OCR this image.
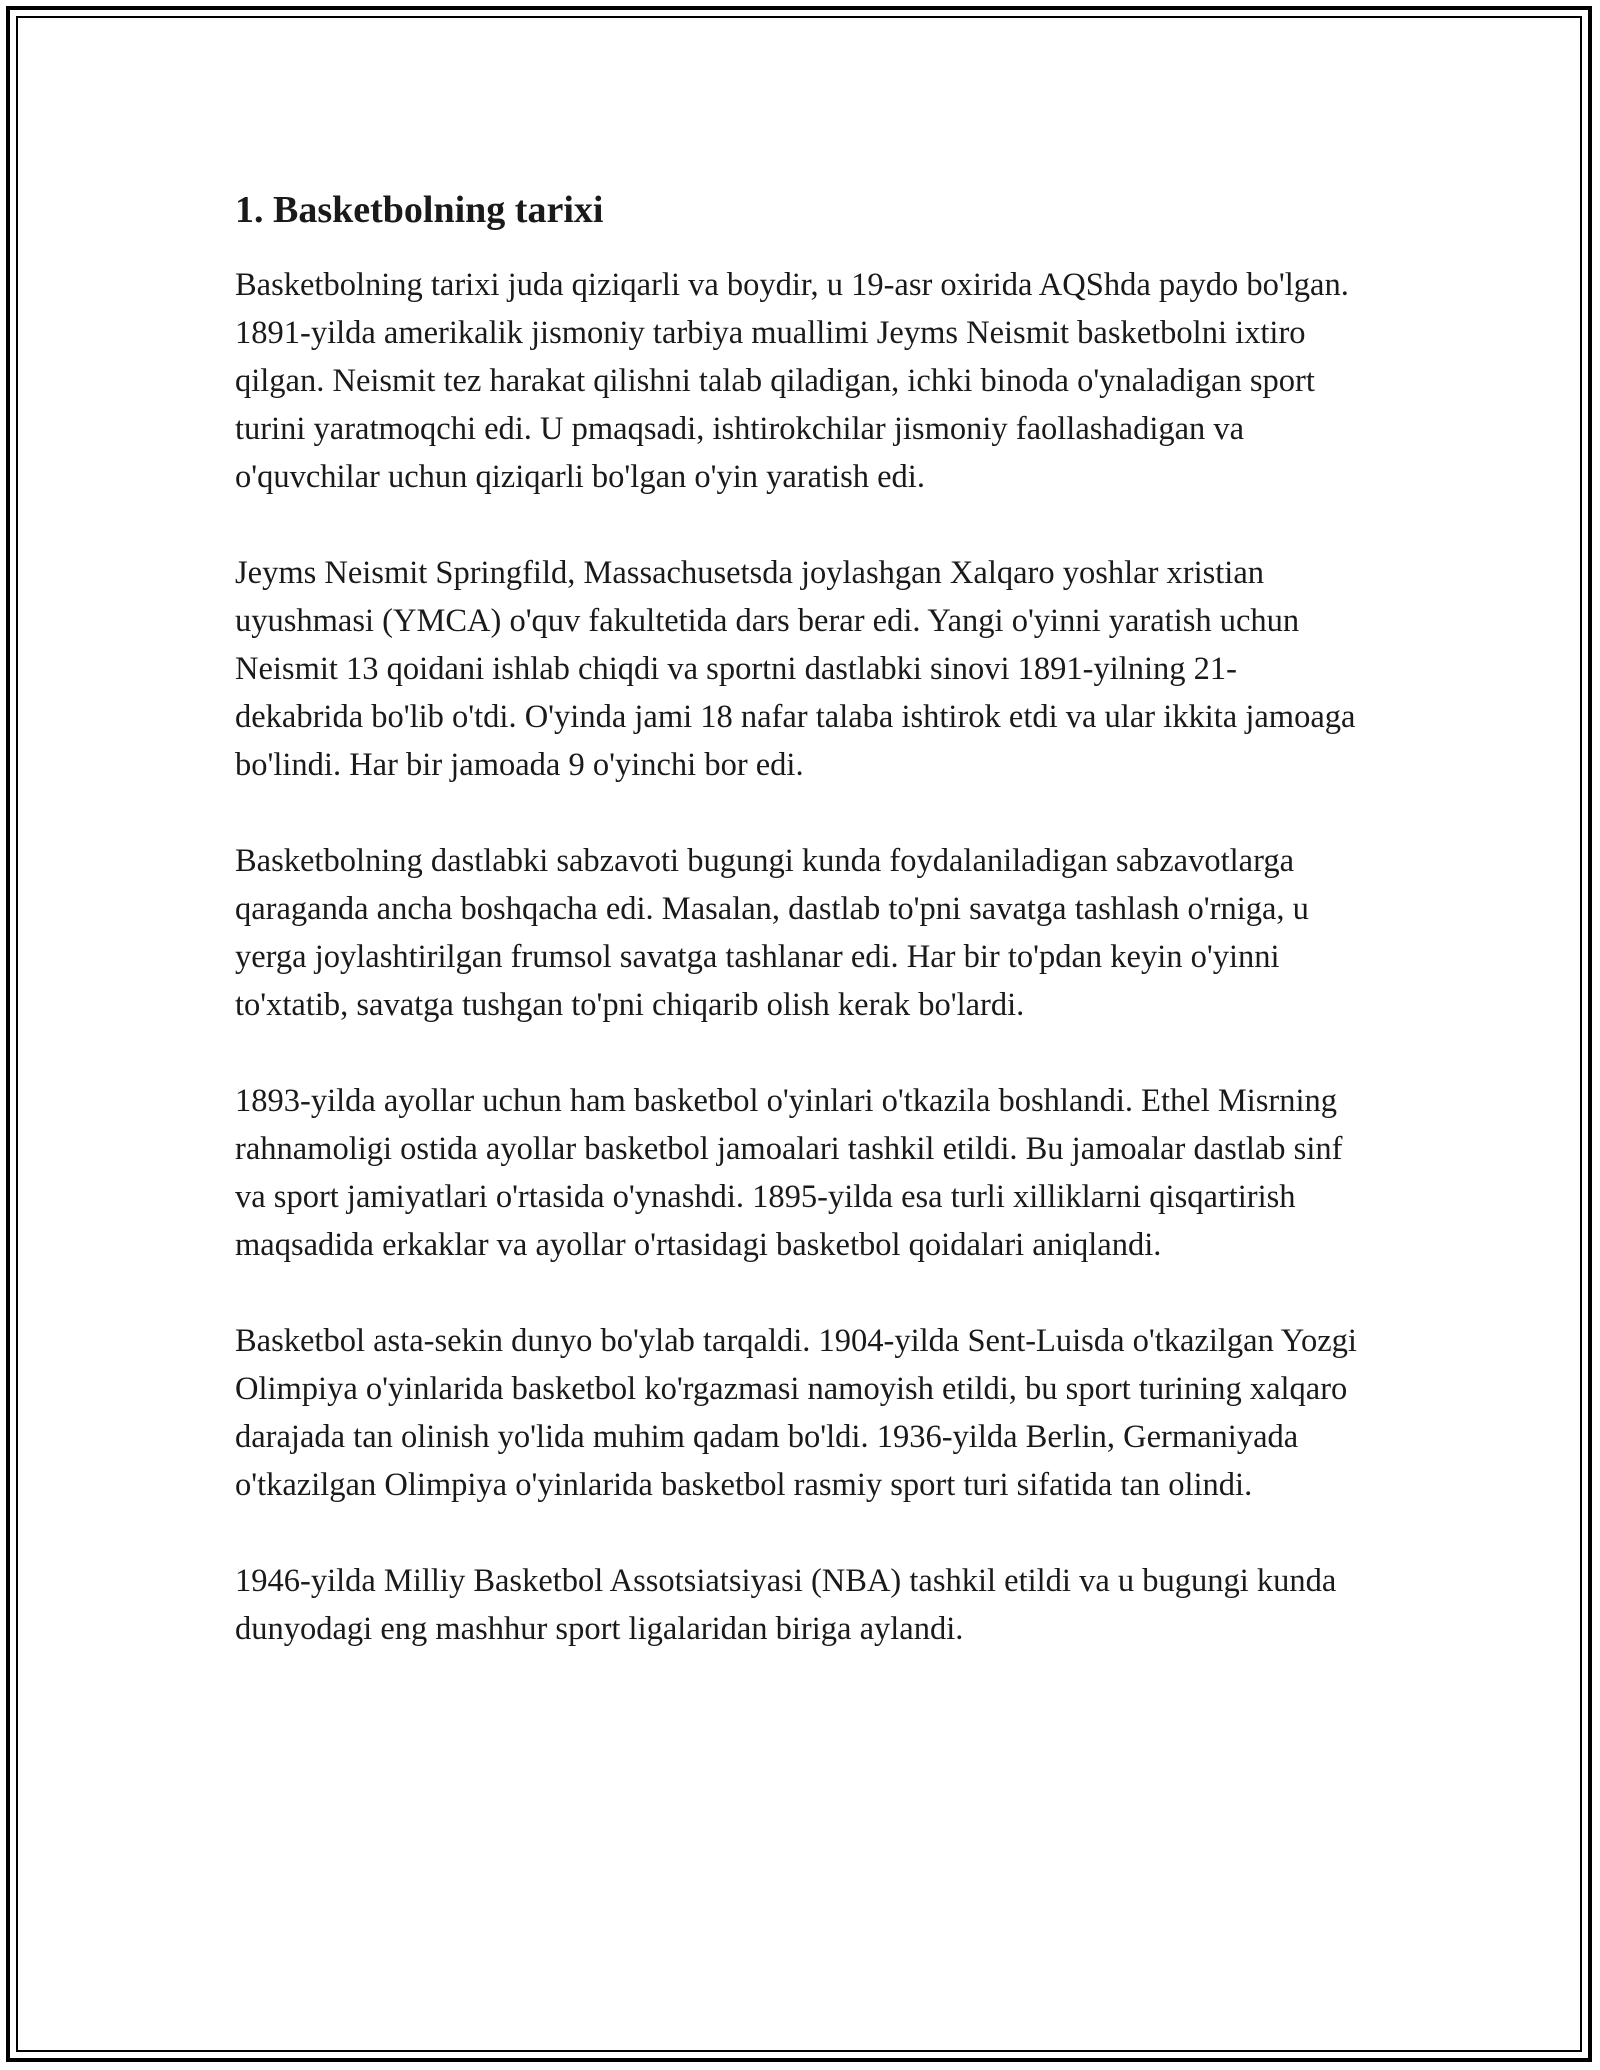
1. Basketbolning tarixi

Basketbolning tarixi juda qiziqarli va boydir, u 19-asr oxirida AQShda paydo bo'lgan. 1891-yilda amerikalik jismoniy tarbiya muallimi Jeyms Neismit basketbolni ixtiro qilgan. Neismit tez harakat qilishni talab qiladigan, ichki binoda o'ynaladigan sport turini yaratmoqchi edi. U pmaqsadi, ishtirokchilar jismoniy faollashadigan va o'quvchilar uchun qiziqarli bo'lgan o'yin yaratish edi.

Jeyms Neismit Springfild, Massachusetsda joylashgan Xalqaro yoshlar xristian uyushmasi (YMCA) o'quv fakultetida dars berar edi. Yangi o'yinni yaratish uchun Neismit 13 qoidani ishlab chiqdi va sportni dastlabki sinovi 1891-yilning 21-dekabrida bo'lib o'tdi. O'yinda jami 18 nafar talaba ishtirok etdi va ular ikkita jamoaga bo'lindi. Har bir jamoada 9 o'yinchi bor edi.

Basketbolning dastlabki sabzavoti bugungi kunda foydalaniladigan sabzavotlarga qaraganda ancha boshqacha edi. Masalan, dastlab to'pni savatga tashlash o'rniga, u yerga joylashtirilgan frumsol savatga tashlanar edi. Har bir to'pdan keyin o'yinni to'xtatib, savatga tushgan to'pni chiqarib olish kerak bo'lardi.

1893-yilda ayollar uchun ham basketbol o'yinlari o'tkazila boshlandi. Ethel Misrning rahnamoligi ostida ayollar basketbol jamoalari tashkil etildi. Bu jamoalar dastlab sinf va sport jamiyatlari o'rtasida o'ynashdi. 1895-yilda esa turli xilliklarni qisqartirish maqsadida erkaklar va ayollar o'rtasidagi basketbol qoidalari aniqlandi.

Basketbol asta-sekin dunyo bo'ylab tarqaldi. 1904-yilda Sent-Luisda o'tkazilgan Yozgi Olimpiya o'yinlarida basketbol ko'rgazmasi namoyish etildi, bu sport turining xalqaro darajada tan olinish yo'lida muhim qadam bo'ldi. 1936-yilda Berlin, Germaniyada o'tkazilgan Olimpiya o'yinlarida basketbol rasmiy sport turi sifatida tan olindi.

1946-yilda Milliy Basketbol Assotsiatsiyasi (NBA) tashkil etildi va u bugungi kunda dunyodagi eng mashhur sport ligalaridan biriga aylandi.
